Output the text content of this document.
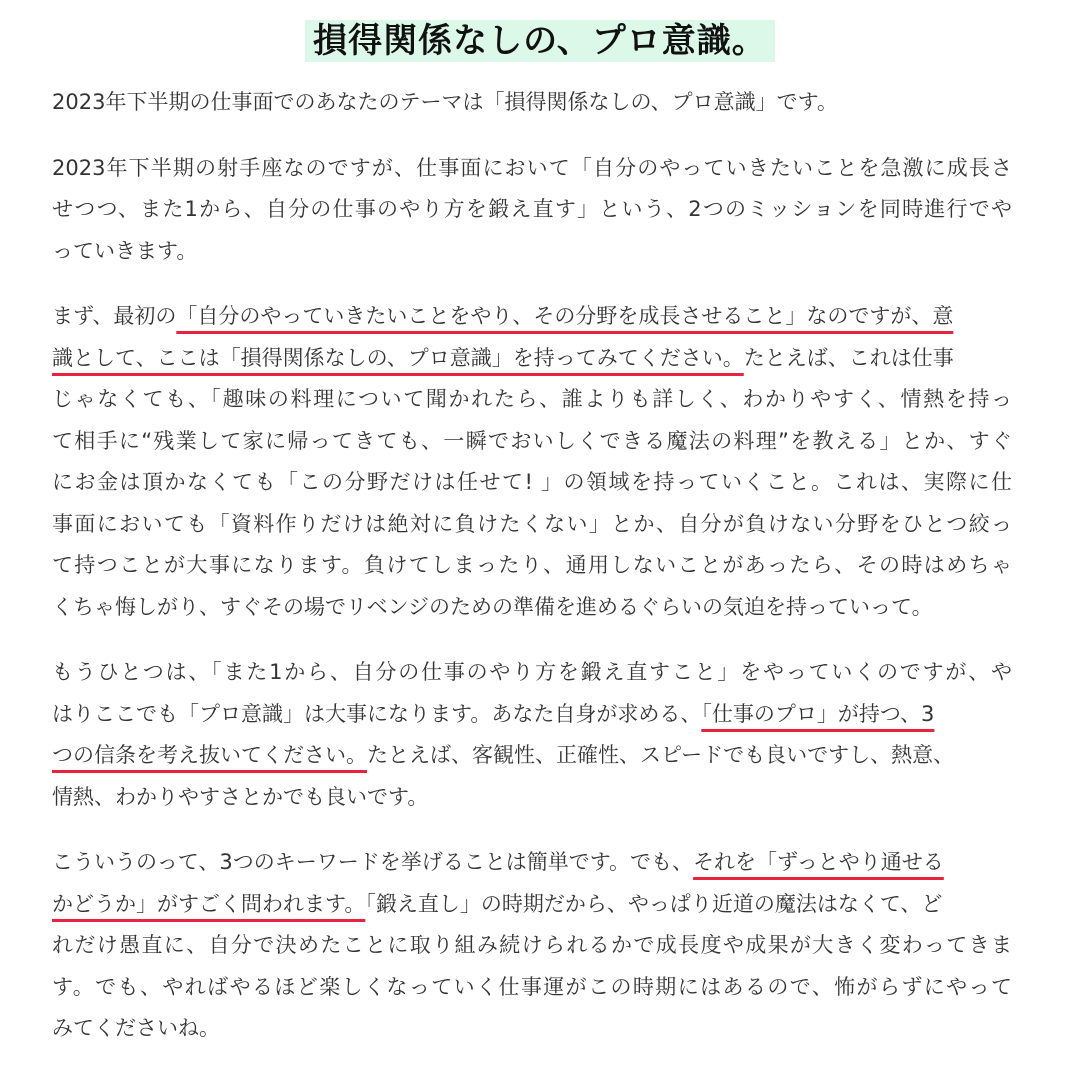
損得関係なしの、プロ意識。

2023年下半期の仕事面でのあなたのテーマは「損得関係なしの、プロ意識」です。

2023年下半期の射手座なのですが、仕事面において「自分のやっていきたいことを急激に成長さ
せつつ、また1から、自分の仕事のやり方を鍛え直す」という、2つのミッションを同時進行でや
っていきます。

まず、最初の「自分のやっていきたいことをやり、その分野を成長させること」なのですが、意
識として、ここは「損得関係なしの、プロ意識」を持ってみてください。たとえば、これは仕事
じゃなくても、「趣味の料理について聞かれたら、誰よりも詳しく、わかりやすく、情熱を持っ
て相手に“残業して家に帰ってきても、一瞬でおいしくできる魔法の料理”を教える」とか、すぐ
にお金は頂かなくても「この分野だけは任せて! 」の領域を持っていくこと。これは、実際に仕
事面においても「資料作りだけは絶対に負けたくない」とか、自分が負けない分野をひとつ絞っ
て持つことが大事になります。負けてしまったり、通用しないことがあったら、その時はめちゃ
くちゃ悔しがり、すぐその場でリベンジのための準備を進めるぐらいの気迫を持っていって。

もうひとつは、「また1から、自分の仕事のやり方を鍛え直すこと」をやっていくのですが、や
はりここでも「プロ意識」は大事になります。あなた自身が求める、「仕事のプロ」が持つ、3
つの信条を考え抜いてください。たとえば、客観性、正確性、スピードでも良いですし、熱意、
情熱、わかりやすさとかでも良いです。

こういうのって、3つのキーワードを挙げることは簡単です。でも、それを「ずっとやり通せる
かどうか」がすごく問われます。「鍛え直し」の時期だから、やっぱり近道の魔法はなくて、ど
れだけ愚直に、自分で決めたことに取り組み続けられるかで成長度や成果が大きく変わってきま
す。でも、やればやるほど楽しくなっていく仕事運がこの時期にはあるので、怖がらずにやって
みてくださいね。
